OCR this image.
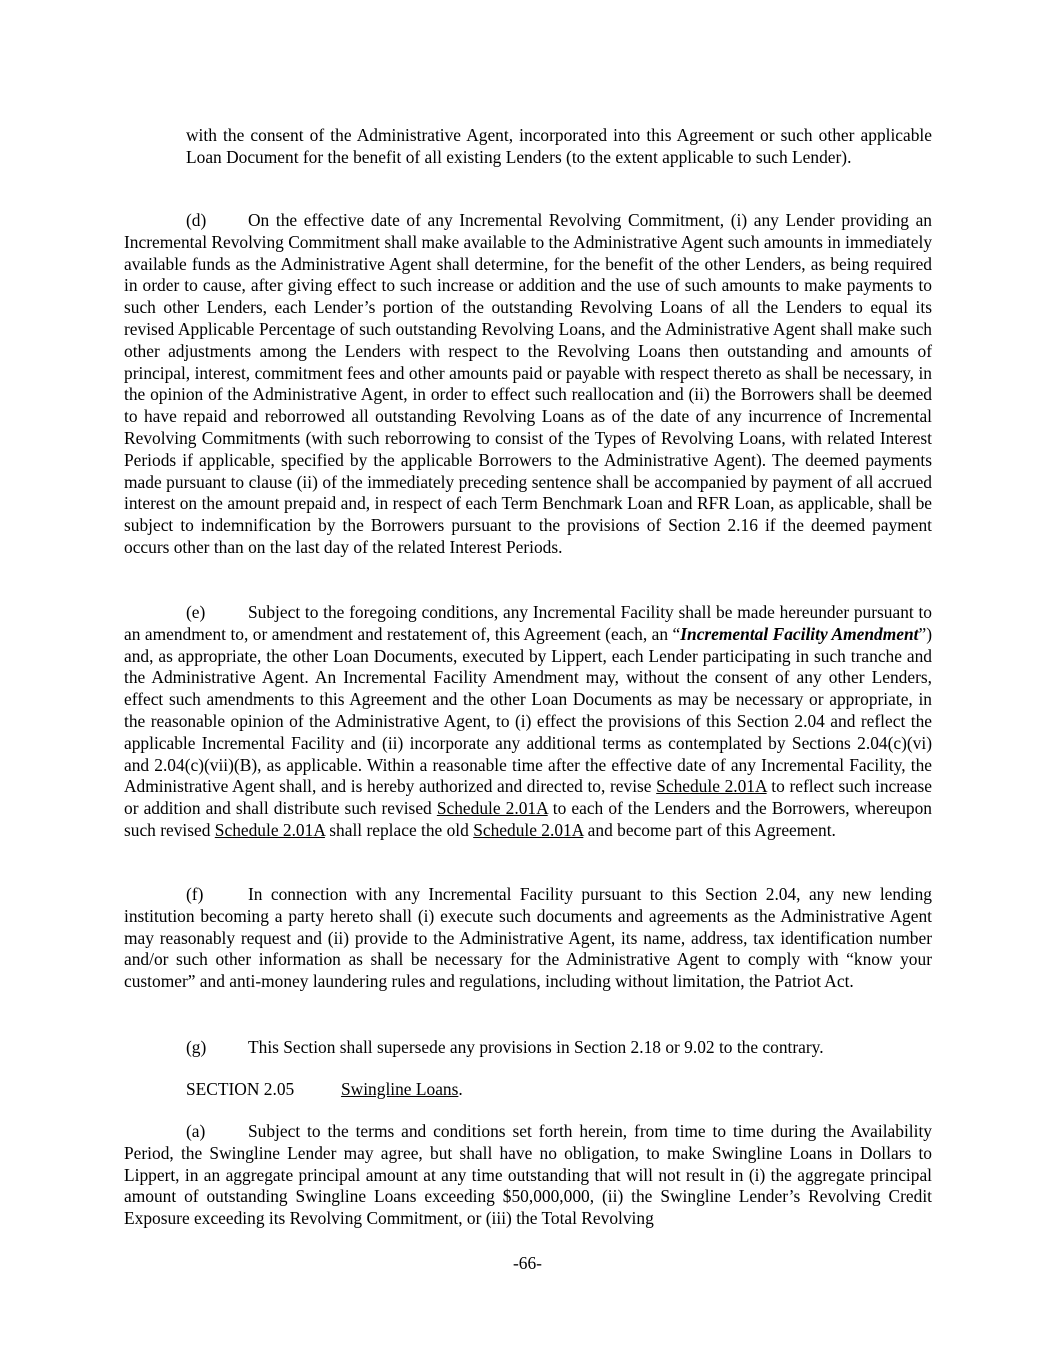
with the consent of the Administrative Agent, incorporated into this Agreement or such other applicable Loan Document for the benefit of all existing Lenders (to the extent applicable to such Lender).

(d) On the effective date of any Incremental Revolving Commitment, (i) any Lender providing an Incremental Revolving Commitment shall make available to the Administrative Agent such amounts in immediately available funds as the Administrative Agent shall determine, for the benefit of the other Lenders, as being required in order to cause, after giving effect to such increase or addition and the use of such amounts to make payments to such other Lenders, each Lender’s portion of the outstanding Revolving Loans of all the Lenders to equal its revised Applicable Percentage of such outstanding Revolving Loans, and the Administrative Agent shall make such other adjustments among the Lenders with respect to the Revolving Loans then outstanding and amounts of principal, interest, commitment fees and other amounts paid or payable with respect thereto as shall be necessary, in the opinion of the Administrative Agent, in order to effect such reallocation and (ii) the Borrowers shall be deemed to have repaid and reborrowed all outstanding Revolving Loans as of the date of any incurrence of Incremental Revolving Commitments (with such reborrowing to consist of the Types of Revolving Loans, with related Interest Periods if applicable, specified by the applicable Borrowers to the Administrative Agent). The deemed payments made pursuant to clause (ii) of the immediately preceding sentence shall be accompanied by payment of all accrued interest on the amount prepaid and, in respect of each Term Benchmark Loan and RFR Loan, as applicable, shall be subject to indemnification by the Borrowers pursuant to the provisions of Section 2.16 if the deemed payment occurs other than on the last day of the related Interest Periods.

(e) Subject to the foregoing conditions, any Incremental Facility shall be made hereunder pursuant to an amendment to, or amendment and restatement of, this Agreement (each, an “Incremental Facility Amendment”) and, as appropriate, the other Loan Documents, executed by Lippert, each Lender participating in such tranche and the Administrative Agent. An Incremental Facility Amendment may, without the consent of any other Lenders, effect such amendments to this Agreement and the other Loan Documents as may be necessary or appropriate, in the reasonable opinion of the Administrative Agent, to (i) effect the provisions of this Section 2.04 and reflect the applicable Incremental Facility and (ii) incorporate any additional terms as contemplated by Sections 2.04(c)(vi) and 2.04(c)(vii)(B), as applicable. Within a reasonable time after the effective date of any Incremental Facility, the Administrative Agent shall, and is hereby authorized and directed to, revise Schedule 2.01A to reflect such increase or addition and shall distribute such revised Schedule 2.01A to each of the Lenders and the Borrowers, whereupon such revised Schedule 2.01A shall replace the old Schedule 2.01A and become part of this Agreement.

(f)	In connection with any Incremental Facility pursuant to this Section 2.04, any new lending institution becoming a party hereto shall (i) execute such documents and agreements as the Administrative Agent may reasonably request and (ii) provide to the Administrative Agent, its name, address, tax identification number and/or such other information as shall be necessary for the Administrative Agent to comply with “know your customer” and anti-money laundering rules and regulations, including without limitation, the Patriot Act.

(g) This Section shall supersede any provisions in Section 2.18 or 9.02 to the contrary.

SECTION 2.05	Swingline Loans.

(a) Subject to the terms and conditions set forth herein, from time to time during the Availability Period, the Swingline Lender may agree, but shall have no obligation, to make Swingline Loans in Dollars to Lippert, in an aggregate principal amount at any time outstanding that will not result in (i) the aggregate principal amount of outstanding Swingline Loans exceeding $50,000,000, (ii) the Swingline Lender’s Revolving Credit Exposure exceeding its Revolving Commitment, or (iii) the Total Revolving

-66-
